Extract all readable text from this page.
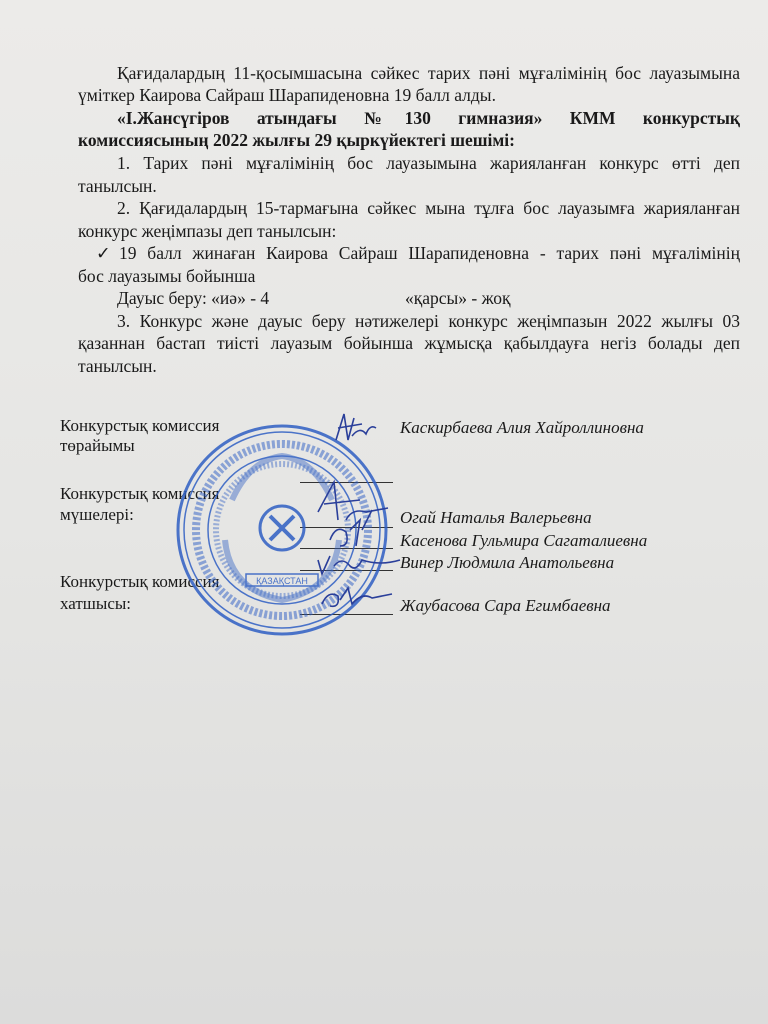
Қағидалардың 11-қосымшасына сәйкес тарих пәні мұғалімінің бос лауазымына
үміткер Каирова Сайраш Шарапиденовна 19 балл алды.
«І.Жансүгіров атындағы №130 гимназия» КММ конкурстық
комиссиясының 2022 жылғы 29 қыркүйектегі шешімі:
1. Тарих пәні мұғалімінің бос лауазымына жарияланған конкурс өтті деп
танылсын.
2. Қағидалардың 15-тармағына сәйкес мына тұлға бос лауазымға жарияланған
конкурс жеңімпазы деп танылсын:
✓ 19 балл жинаған Каирова Сайраш Шарапиденовна - тарих пәні мұғалімінің
бос лауазымы бойынша
Дауыс беру: «иә» - 4	«қарсы» - жоқ
3. Конкурс және дауыс беру нәтижелері конкурс жеңімпазын 2022 жылғы 03
қазаннан бастап тиісті лауазым бойынша жұмысқа қабылдауға негіз болады деп
танылсын.
Конкурстық комиссия
төрайымы
Каскирбаева Алия Хайроллиновна
Конкурстық комиссия
мүшелері:	Огай Наталья Валерьевна
Касенова Гульмира Сагаталиевна
Винер Людмила Анатольевна
Конкурстық комиссия
хатшысы:	Жаубасова Сара Егимбаевна
ҚАЗАҚСТАН
